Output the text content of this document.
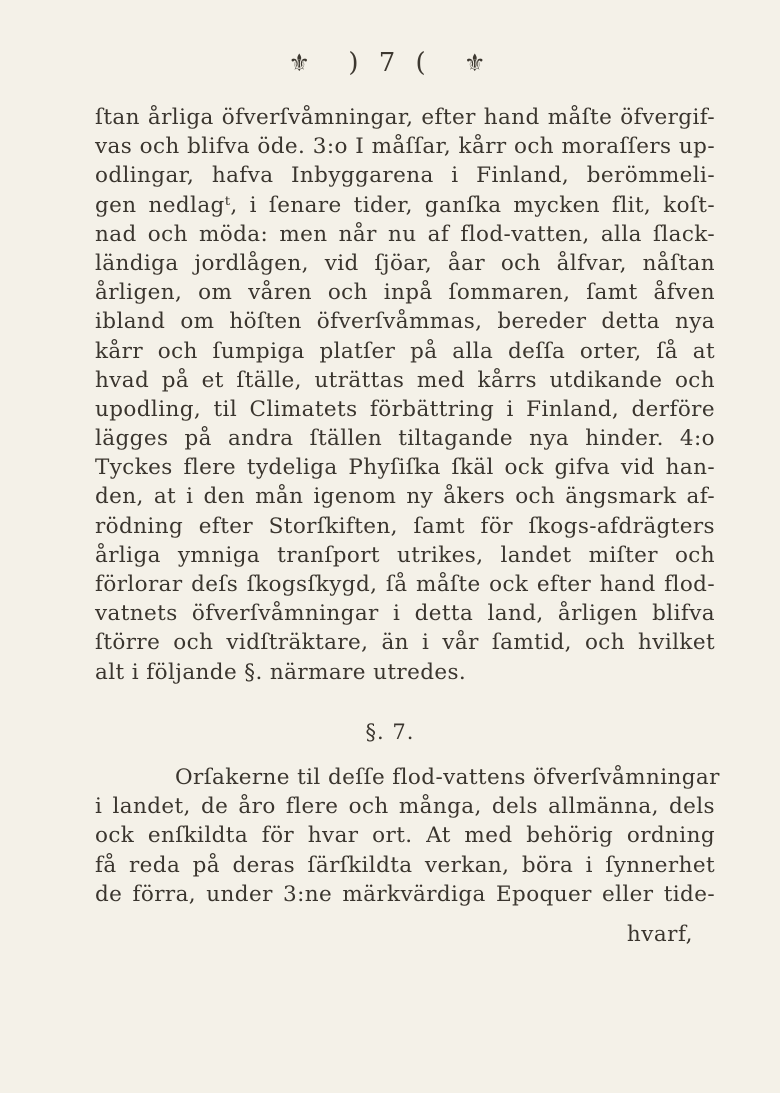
⚜ ) 7 ( ⚜
ſtan årliga öfverſvåmningar, efter hand måſte öfvergif-
vas och blifva öde. 3:o I måſſar, kårr och moraſſers up-
odlingar, hafva Inbyggarena i Finland, berömmeli-
gen nedlagᵗ, i ſenare tider, ganſka mycken flit, koſt-
nad och möda: men når nu af flod-vatten, alla ſlack-
ländiga jordlågen, vid ſjöar, åar och ålfvar, nåſtan
årligen, om våren och inpå ſommaren, ſamt åfven
ibland om höſten öfverſvåmmas, bereder detta nya
kårr och ſumpiga platſer på alla deſſa orter, ſå at
hvad på et ſtälle, uträttas med kårrs utdikande och
upodling, til Climatets förbättring i Finland, derföre
lägges på andra ſtällen tiltagande nya hinder. 4:o
Tyckes flere tydeliga Phyſiſka ſkäl ock gifva vid han-
den, at i den mån igenom ny åkers och ängsmark af-
rödning efter Storſkiften, ſamt för ſkogs-afdrägters
årliga ymniga tranſport utrikes, landet miſter och
förlorar deſs ſkogsſkygd, ſå måſte ock efter hand flod-
vatnets öfverſvåmningar i detta land, årligen blifva
ſtörre och vidſträktare, än i vår ſamtid, och hvilket
alt i följande §. närmare utredes.
§. 7.
Orſakerne til deſſe flod-vattens öfverſvåmningar
i landet, de åro flere och många, dels allmänna, dels
ock enſkildta för hvar ort. At med behörig ordning
få reda på deras ſärſkildta verkan, böra i ſynnerhet
de förra, under 3:ne märkvärdiga Epoquer eller tide-
hvarf,
